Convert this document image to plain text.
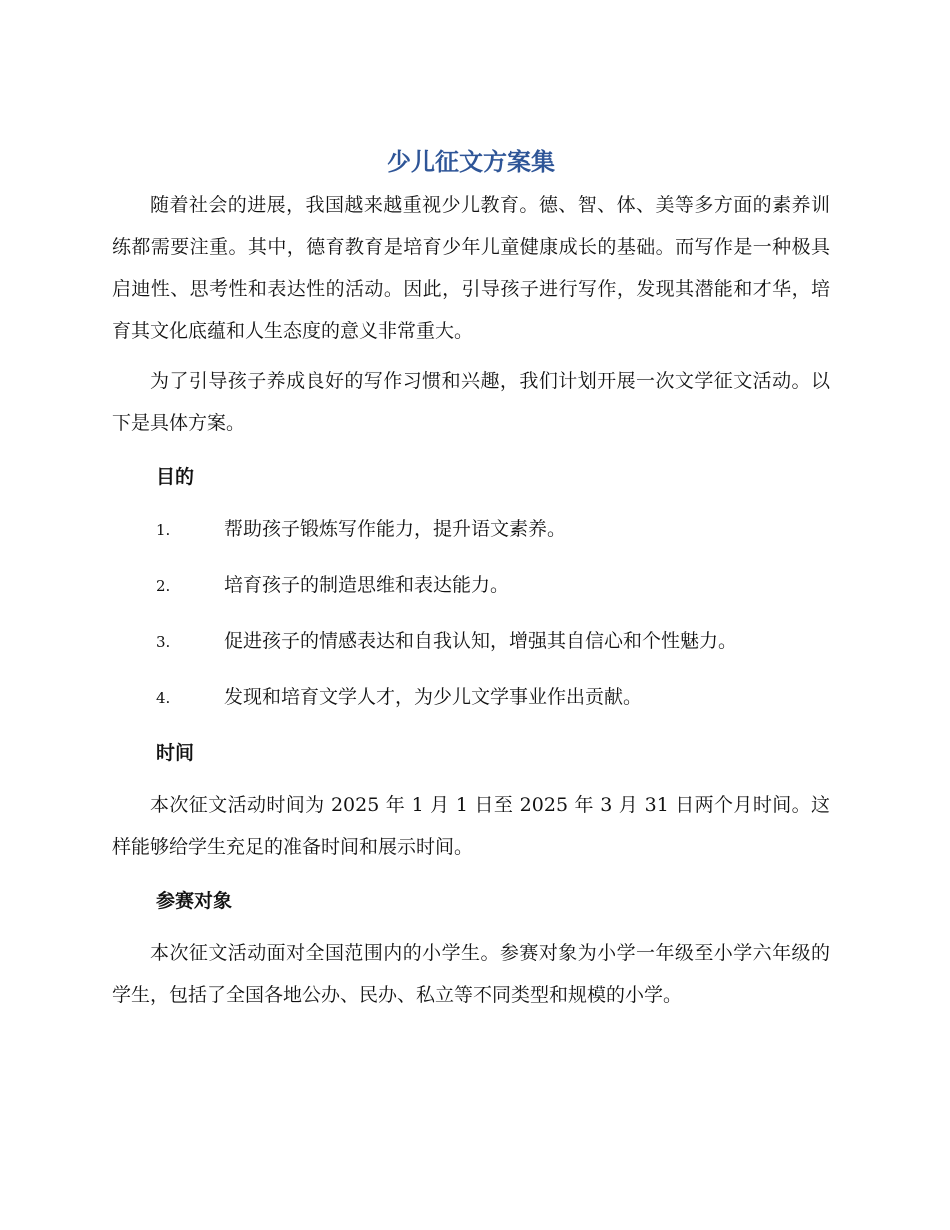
少儿征文方案集

随着社会的进展，我国越来越重视少儿教育。德、智、体、美等多方面的素养训练都需要注重。其中，德育教育是培育少年儿童健康成长的基础。而写作是一种极具启迪性、思考性和表达性的活动。因此，引导孩子进行写作，发现其潜能和才华，培育其文化底蕴和人生态度的意义非常重大。

为了引导孩子养成良好的写作习惯和兴趣，我们计划开展一次文学征文活动。以下是具体方案。

目的
1.	帮助孩子锻炼写作能力，提升语文素养。
2.	培育孩子的制造思维和表达能力。
3.	促进孩子的情感表达和自我认知，增强其自信心和个性魅力。
4.	发现和培育文学人才，为少儿文学事业作出贡献。
时间

本次征文活动时间为 2025 年 1 月 1 日至 2025 年 3 月 31 日两个月时间。这样能够给学生充足的准备时间和展示时间。

参赛对象

本次征文活动面对全国范围内的小学生。参赛对象为小学一年级至小学六年级的学生，包括了全国各地公办、民办、私立等不同类型和规模的小学。
